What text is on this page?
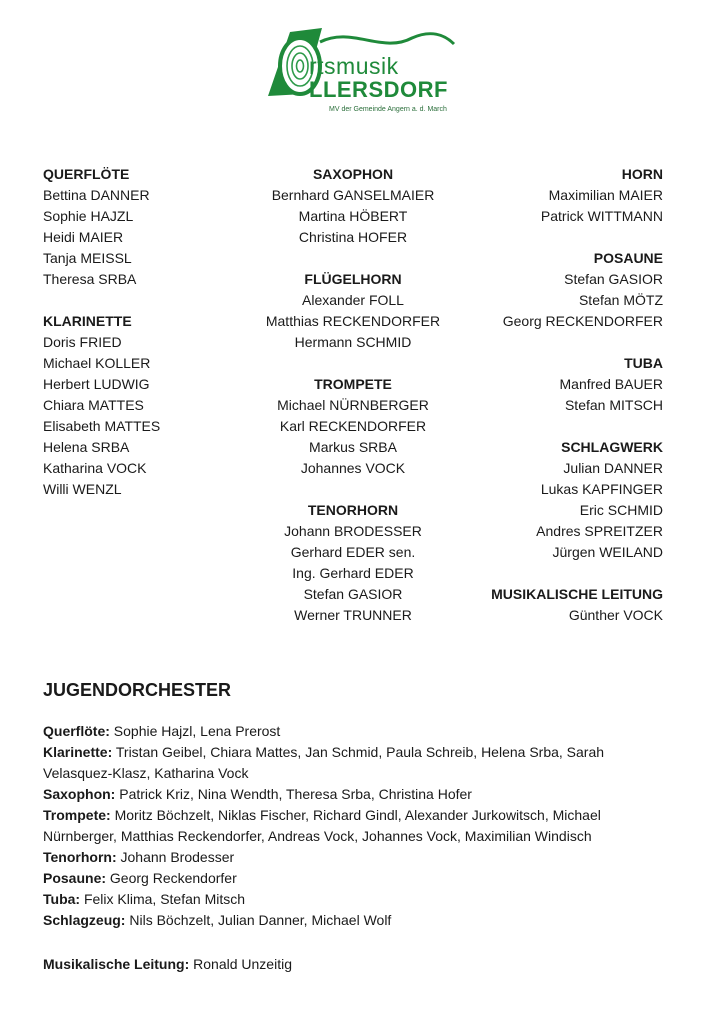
rtsmusik
LLERSDORF
MV der Gemeinde Angern a. d. March
QUERFLÖTE
Bettina DANNER
Sophie HAJZL
Heidi MAIER
Tanja MEISSL
Theresa SRBA
KLARINETTE
Doris FRIED
Michael KOLLER
Herbert LUDWIG
Chiara MATTES
Elisabeth MATTES
Helena SRBA
Katharina VOCK
Willi WENZL
SAXOPHON
Bernhard GANSELMAIER
Martina HÖBERT
Christina HOFER
FLÜGELHORN
Alexander FOLL
Matthias RECKENDORFER
Hermann SCHMID
TROMPETE
Michael NÜRNBERGER
Karl RECKENDORFER
Markus SRBA
Johannes VOCK
TENORHORN
Johann BRODESSER
Gerhard EDER sen.
Ing. Gerhard EDER
Stefan GASIOR
Werner TRUNNER
HORN
Maximilian MAIER
Patrick WITTMANN
POSAUNE
Stefan GASIOR
Stefan MÖTZ
Georg RECKENDORFER
TUBA
Manfred BAUER
Stefan MITSCH
SCHLAGWERK
Julian DANNER
Lukas KAPFINGER
Eric SCHMID
Andres SPREITZER
Jürgen WEILAND
MUSIKALISCHE LEITUNG
Günther VOCK
JUGENDORCHESTER
Querflöte: Sophie Hajzl, Lena Prerost
Klarinette: Tristan Geibel, Chiara Mattes, Jan Schmid, Paula Schreib, Helena Srba, Sarah Velasquez-Klasz, Katharina Vock
Saxophon: Patrick Kriz, Nina Wendth, Theresa Srba, Christina Hofer
Trompete: Moritz Böchzelt, Niklas Fischer, Richard Gindl, Alexander Jurkowitsch, Michael Nürnberger, Matthias Reckendorfer, Andreas Vock, Johannes Vock, Maximilian Windisch
Tenorhorn: Johann Brodesser
Posaune: Georg Reckendorfer
Tuba: Felix Klima, Stefan Mitsch
Schlagzeug: Nils Böchzelt, Julian Danner, Michael Wolf
Musikalische Leitung: Ronald Unzeitig
